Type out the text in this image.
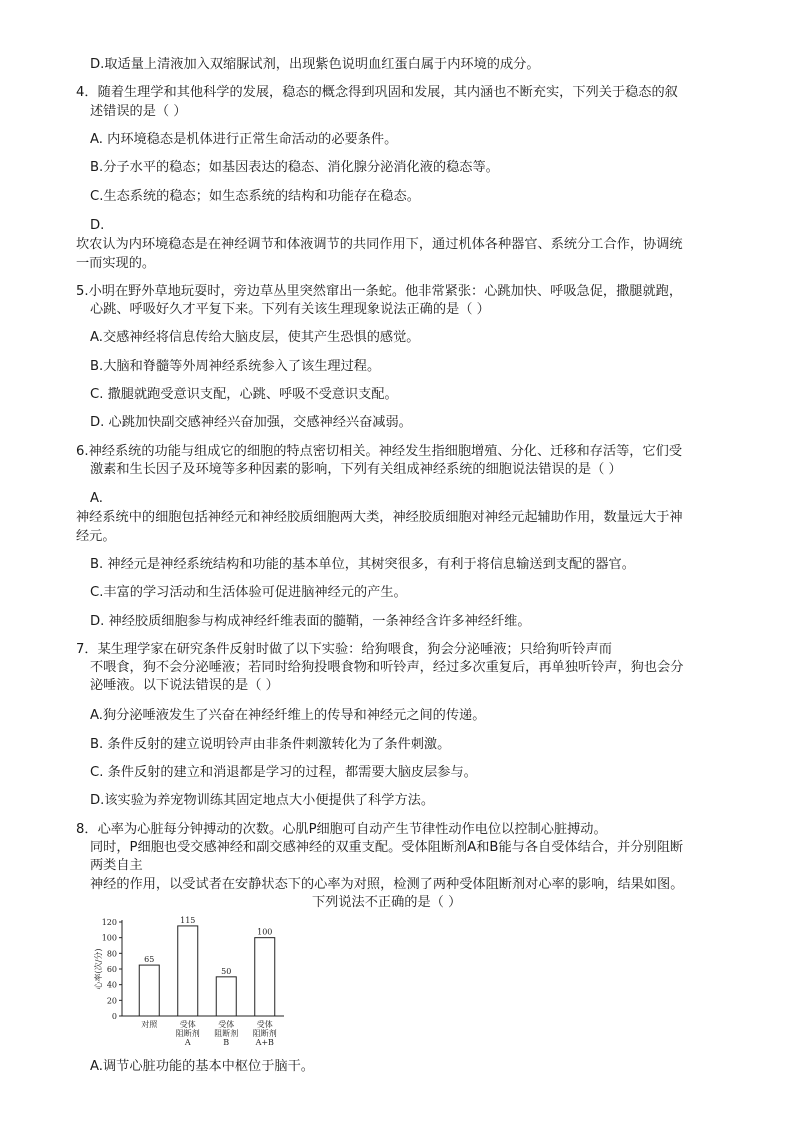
D.取适量上清液加入双缩脲试剂，出现紫色说明血红蛋白属于内环境的成分。
4．随着生理学和其他科学的发展，稳态的概念得到巩固和发展，其内涵也不断充实，下列关于稳态的叙
述错误的是（ ）
A. 内环境稳态是机体进行正常生命活动的必要条件。
B.分子水平的稳态；如基因表达的稳态、消化腺分泌消化液的稳态等。
C.生态系统的稳态；如生态系统的结构和功能存在稳态。
D.
坎农认为内环境稳态是在神经调节和体液调节的共同作用下，通过机体各种器官、系统分工合作，协调统
一而实现的。
5.小明在野外草地玩耍时，旁边草丛里突然窜出一条蛇。他非常紧张：心跳加快、呼吸急促，撒腿就跑，
心跳、呼吸好久才平复下来。下列有关该生理现象说法正确的是（ ）
A.交感神经将信息传给大脑皮层，使其产生恐惧的感觉。
B.大脑和脊髓等外周神经系统参入了该生理过程。
C. 撒腿就跑受意识支配，心跳、呼吸不受意识支配。
D. 心跳加快副交感神经兴奋加强，交感神经兴奋减弱。
6.神经系统的功能与组成它的细胞的特点密切相关。神经发生指细胞增殖、分化、迁移和存活等，它们受
激素和生长因子及环境等多种因素的影响，下列有关组成神经系统的细胞说法错误的是（ ）
A.
神经系统中的细胞包括神经元和神经胶质细胞两大类，神经胶质细胞对神经元起辅助作用，数量远大于神
经元。
B. 神经元是神经系统结构和功能的基本单位，其树突很多，有利于将信息输送到支配的器官。
C.丰富的学习活动和生活体验可促进脑神经元的产生。
D. 神经胶质细胞参与构成神经纤维表面的髓鞘，一条神经含许多神经纤维。
7．某生理学家在研究条件反射时做了以下实验：给狗喂食，狗会分泌唾液；只给狗听铃声而
不喂食，狗不会分泌唾液；若同时给狗投喂食物和听铃声，经过多次重复后，再单独听铃声，狗也会分
泌唾液。以下说法错误的是（ ）
A.狗分泌唾液发生了兴奋在神经纤维上的传导和神经元之间的传递。
B. 条件反射的建立说明铃声由非条件刺激转化为了条件刺激。
C. 条件反射的建立和消退都是学习的过程，都需要大脑皮层参与。
D.该实验为养宠物训练其固定地点大小便提供了科学方法。
8．心率为心脏每分钟搏动的次数。心肌P细胞可自动产生节律性动作电位以控制心脏搏动。
同时，P细胞也受交感神经和副交感神经的双重支配。受体阻断剂A和B能与各自受体结合，并分别阻断
两类自主
神经的作用，以受试者在安静状态下的心率为对照，检测了两种受体阻断剂对心率的影响，结果如图。
下列说法不正确的是（ ）
0
20
40
60
80
100
120
心率(次/分)	65
对照
115
受体
阻断剂
A
50
受体
阻断剂
B
100
受体
阻断剂
A+B
A.调节心脏功能的基本中枢位于脑干。
